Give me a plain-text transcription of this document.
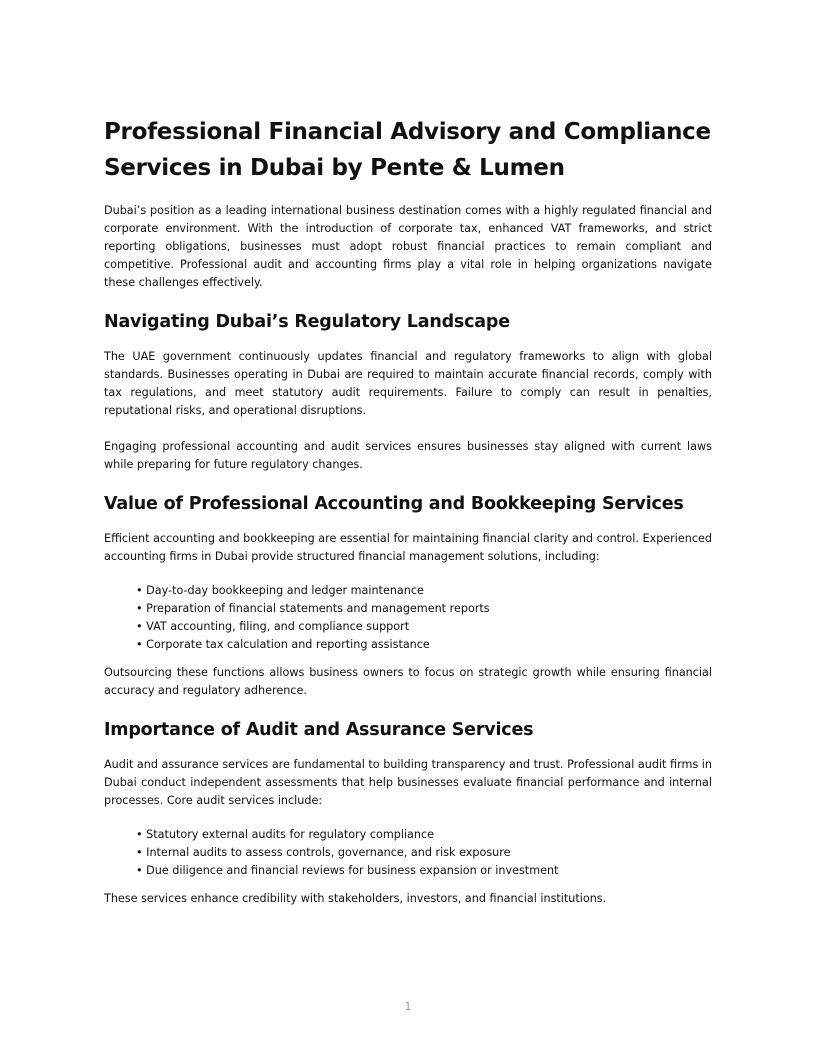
Professional Financial Advisory and Compliance Services in Dubai by Pente & Lumen

Dubai’s position as a leading international business destination comes with a highly regulated financial and corporate environment. With the introduction of corporate tax, enhanced VAT frameworks, and strict reporting obligations, businesses must adopt robust financial practices to remain compliant and competitive. Professional audit and accounting firms play a vital role in helping organizations navigate these challenges effectively.

Navigating Dubai’s Regulatory Landscape

The UAE government continuously updates financial and regulatory frameworks to align with global standards. Businesses operating in Dubai are required to maintain accurate financial records, comply with tax regulations, and meet statutory audit requirements. Failure to comply can result in penalties, reputational risks, and operational disruptions.

Engaging professional accounting and audit services ensures businesses stay aligned with current laws while preparing for future regulatory changes.

Value of Professional Accounting and Bookkeeping Services

Efficient accounting and bookkeeping are essential for maintaining financial clarity and control. Experienced accounting firms in Dubai provide structured financial management solutions, including:

• Day-to-day bookkeeping and ledger maintenance
• Preparation of financial statements and management reports
• VAT accounting, filing, and compliance support
• Corporate tax calculation and reporting assistance

Outsourcing these functions allows business owners to focus on strategic growth while ensuring financial accuracy and regulatory adherence.

Importance of Audit and Assurance Services

Audit and assurance services are fundamental to building transparency and trust. Professional audit firms in Dubai conduct independent assessments that help businesses evaluate financial performance and internal processes. Core audit services include:

• Statutory external audits for regulatory compliance
• Internal audits to assess controls, governance, and risk exposure
• Due diligence and financial reviews for business expansion or investment

These services enhance credibility with stakeholders, investors, and financial institutions.

1
